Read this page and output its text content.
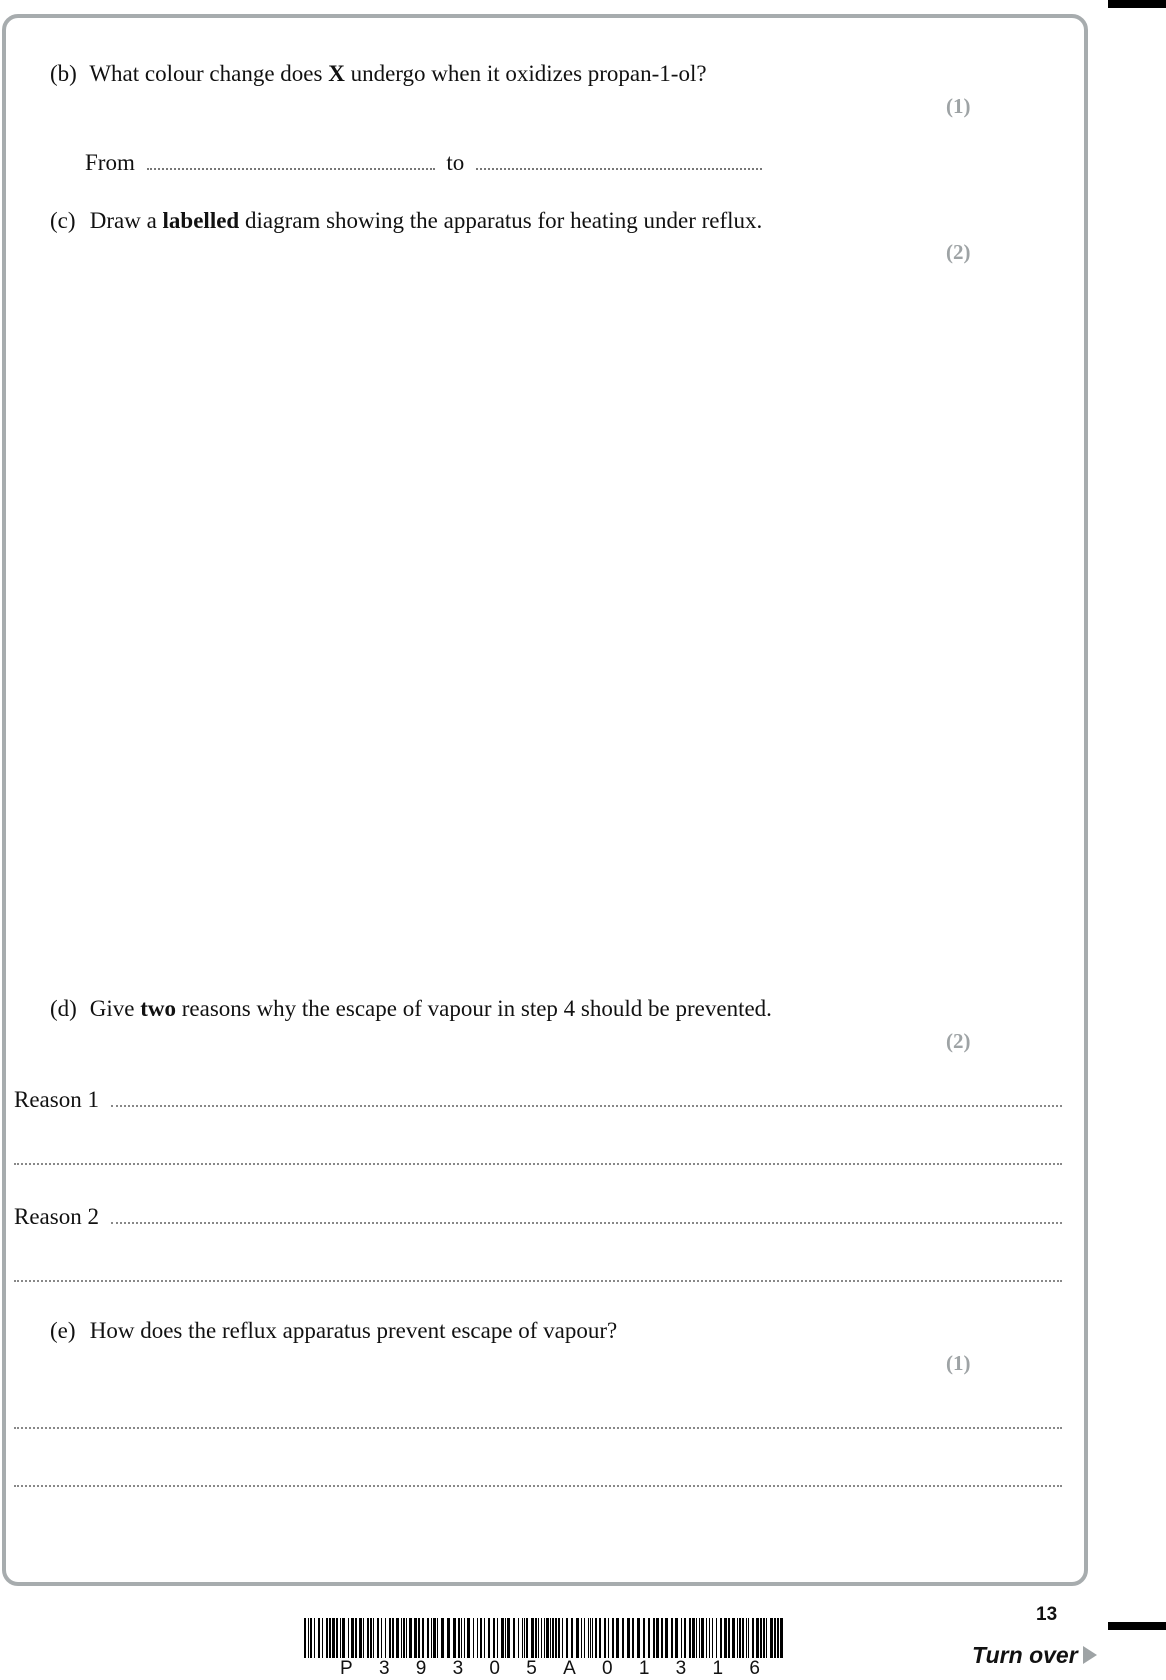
(b) What colour change does X undergo when it oxidizes propan-1-ol?
(1)
From	to
(c) Draw a labelled diagram showing the apparatus for heating under reflux.
(2)
(d) Give two reasons why the escape of vapour in step 4 should be prevented.
(2)
Reason 1
Reason 2
(e) How does the reflux apparatus prevent escape of vapour?
(1)
P 3 9 3 0 5 A 0 1 3 1 6
13
Turn over
